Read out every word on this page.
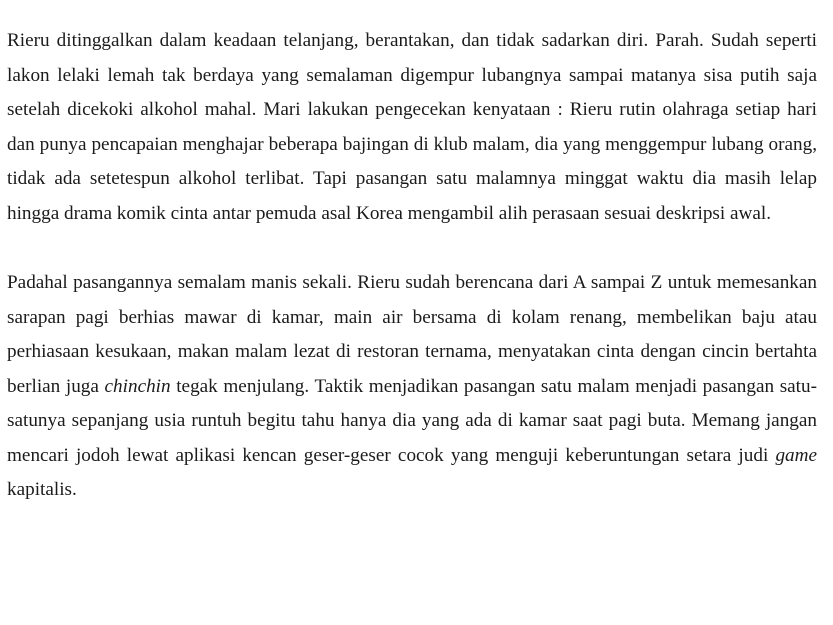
Rieru ditinggalkan dalam keadaan telanjang, berantakan, dan tidak sadarkan diri. Parah. Sudah seperti lakon lelaki lemah tak berdaya yang semalaman digempur lubangnya sampai matanya sisa putih saja setelah dicekoki alkohol mahal. Mari lakukan pengecekan kenyataan : Rieru rutin olahraga setiap hari dan punya pencapaian menghajar beberapa bajingan di klub malam, dia yang menggempur lubang orang, tidak ada setetespun alkohol terlibat. Tapi pasangan satu malamnya minggat waktu dia masih lelap hingga drama komik cinta antar pemuda asal Korea mengambil alih perasaan sesuai deskripsi awal.

Padahal pasangannya semalam manis sekali. Rieru sudah berencana dari A sampai Z untuk memesankan sarapan pagi berhias mawar di kamar, main air bersama di kolam renang, membelikan baju atau perhiasaan kesukaan, makan malam lezat di restoran ternama, menyatakan cinta dengan cincin bertahta berlian juga chinchin tegak menjulang. Taktik menjadikan pasangan satu malam menjadi pasangan satu-satunya sepanjang usia runtuh begitu tahu hanya dia yang ada di kamar saat pagi buta. Memang jangan mencari jodoh lewat aplikasi kencan geser-geser cocok yang menguji keberuntungan setara judi game kapitalis.
